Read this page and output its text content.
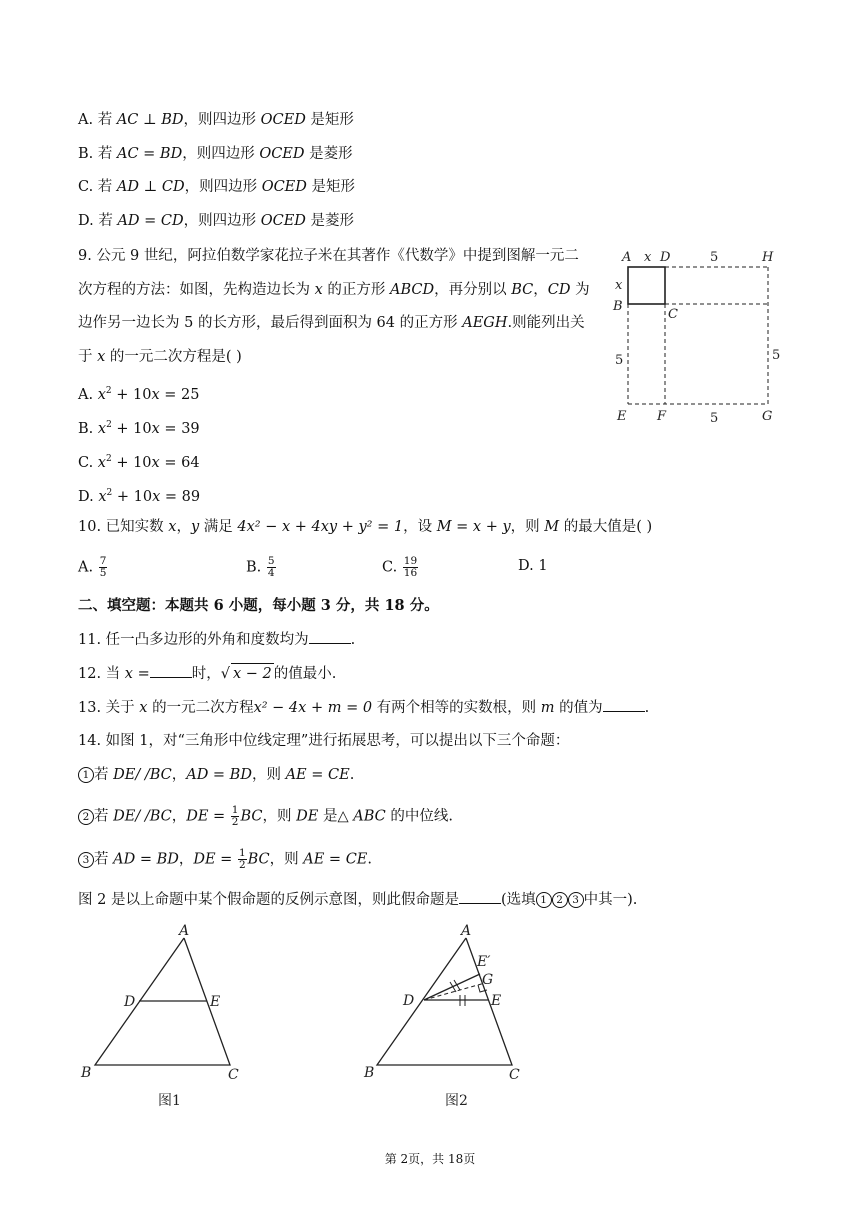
A. 若 AC ⊥ BD，则四边形 OCED 是矩形
B. 若 AC = BD，则四边形 OCED 是菱形
C. 若 AD ⊥ CD，则四边形 OCED 是矩形
D. 若 AD = CD，则四边形 OCED 是菱形
9. 公元 9 世纪，阿拉伯数学家花拉子米在其著作《代数学》中提到图解一元二
次方程的方法：如图，先构造边长为 x 的正方形 ABCD，再分别以 BC，CD 为
边作另一边长为 5 的长方形，最后得到面积为 64 的正方形 AEGH.则能列出关
于 x 的一元二次方程是( )
A. $x^2 + 10x = 25$
B. $x^2 + 10x = 39$
C. $x^2 + 10x = 64$
D. $x^2 + 10x = 89$
A x D	5	H
x
B
C
5	5
E F	5	G
10. 已知实数 x，y 满足 4x² − x + 4xy + y² = 1，设 M = x + y，则 M 的最大值是( )
A. $\frac{7}{5}$	B. $\frac{5}{4}$	C. $\frac{19}{16}$	D. 1
二、填空题：本题共 6 小题，每小题 3 分，共 18 分。
11. 任一凸多边形的外角和度数均为	.
12. 当 x =	时，√ x − 2 的值最小.
13. 关于 x 的一元二次方程x² − 4x + m = 0 有两个相等的实数根，则 m 的值为	.
14. 如图 1，对“三角形中位线定理”进行拓展思考，可以提出以下三个命题：
1 若 DE/ /BC，AD = BD，则 AE = CE.
2 若 DE/ /BC，DE = $\frac{1}{2}$ BC，则 DE 是△ ABC 的中位线.
3 若 AD = BD，DE = $\frac{1}{2}$ BC，则 AE = CE.
图 2 是以上命题中某个假命题的反例示意图，则此假命题是	(选填 1 2 3 中其一).
A
D	E
B	C
图1
A
E′
G
D	E
B	C
图2
第 2页，共 18页
